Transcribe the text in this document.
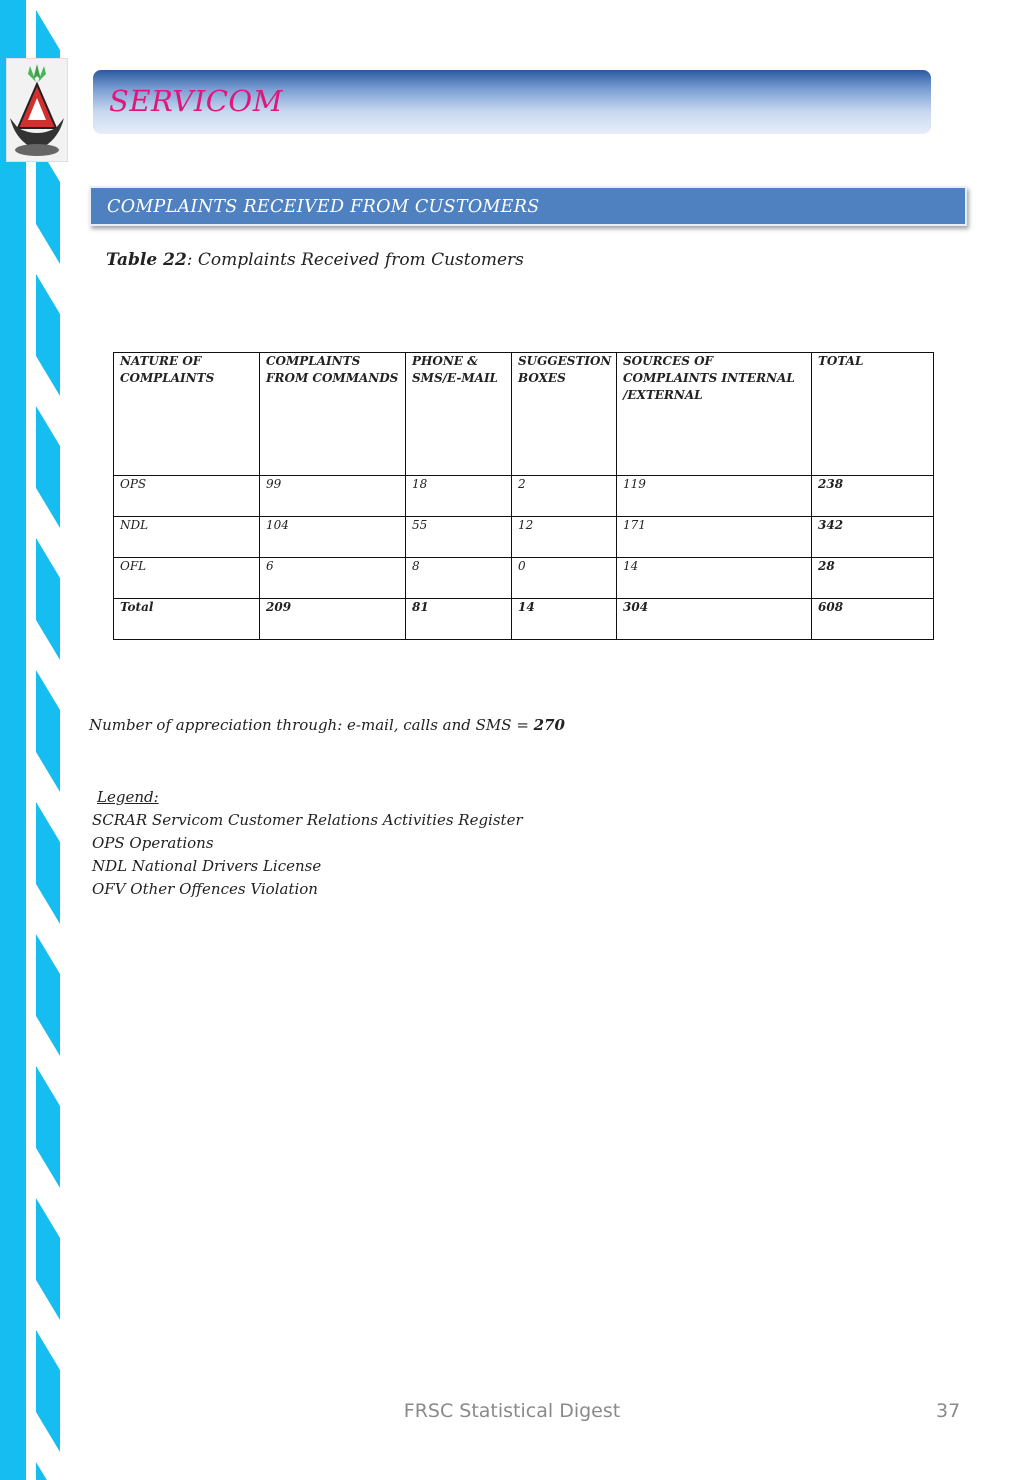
SERVICOM
COMPLAINTS RECEIVED FROM CUSTOMERS
Table 22: Complaints Received from Customers
NATURE OF COMPLAINTS	COMPLAINTS FROM COMMANDS	PHONE & SMS/E-MAIL	SUGGESTION BOXES	SOURCES OF COMPLAINTS INTERNAL /EXTERNAL	TOTAL
OPS	99	18	2	119	238
NDL	104	55	12	171	342
OFL	6	8	0	14	28
Total	209	81	14	304	608
Number of appreciation through: e-mail, calls and SMS = 270
Legend:
SCRAR Servicom Customer Relations Activities Register
OPS Operations
NDL National Drivers License
OFV Other Offences Violation
FRSC Statistical Digest	37
